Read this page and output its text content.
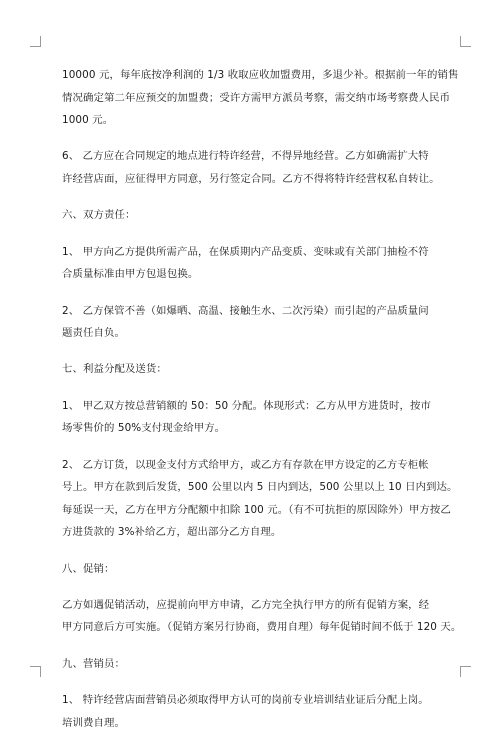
10000 元，每年底按净利润的 1/3 收取应收加盟费用，多退少补。根据前一年的销售
情况确定第二年应预交的加盟费；受许方需甲方派员考察，需交纳市场考察费人民币
1000 元。

6、 乙方应在合同规定的地点进行特许经营，不得异地经营。乙方如确需扩大特
许经营店面，应征得甲方同意，另行签定合同。乙方不得将特许经营权私自转让。

六、双方责任：

1、 甲方向乙方提供所需产品，在保质期内产品变质、变味或有关部门抽检不符
合质量标准由甲方包退包换。

2、 乙方保管不善（如爆晒、高温、接触生水、二次污染）而引起的产品质量问
题责任自负。

七、利益分配及送货：

1、 甲乙双方按总营销额的 50：50 分配。体现形式：乙方从甲方进货时，按市
场零售价的 50%支付现金给甲方。

2、 乙方订货，以现金支付方式给甲方，或乙方有存款在甲方设定的乙方专柜帐
号上。甲方在款到后发货，500 公里以内 5 日内到达，500 公里以上 10 日内到达。
每延误一天，乙方在甲方分配额中扣除 100 元。（有不可抗拒的原因除外）甲方按乙
方进货款的 3%补给乙方，超出部分乙方自理。

八、促销：

乙方如遇促销活动，应提前向甲方申请，乙方完全执行甲方的所有促销方案，经
甲方同意后方可实施。（促销方案另行协商，费用自理）每年促销时间不低于 120 天。

九、营销员：

1、 特许经营店面营销员必须取得甲方认可的岗前专业培训结业证后分配上岗。
培训费自理。
